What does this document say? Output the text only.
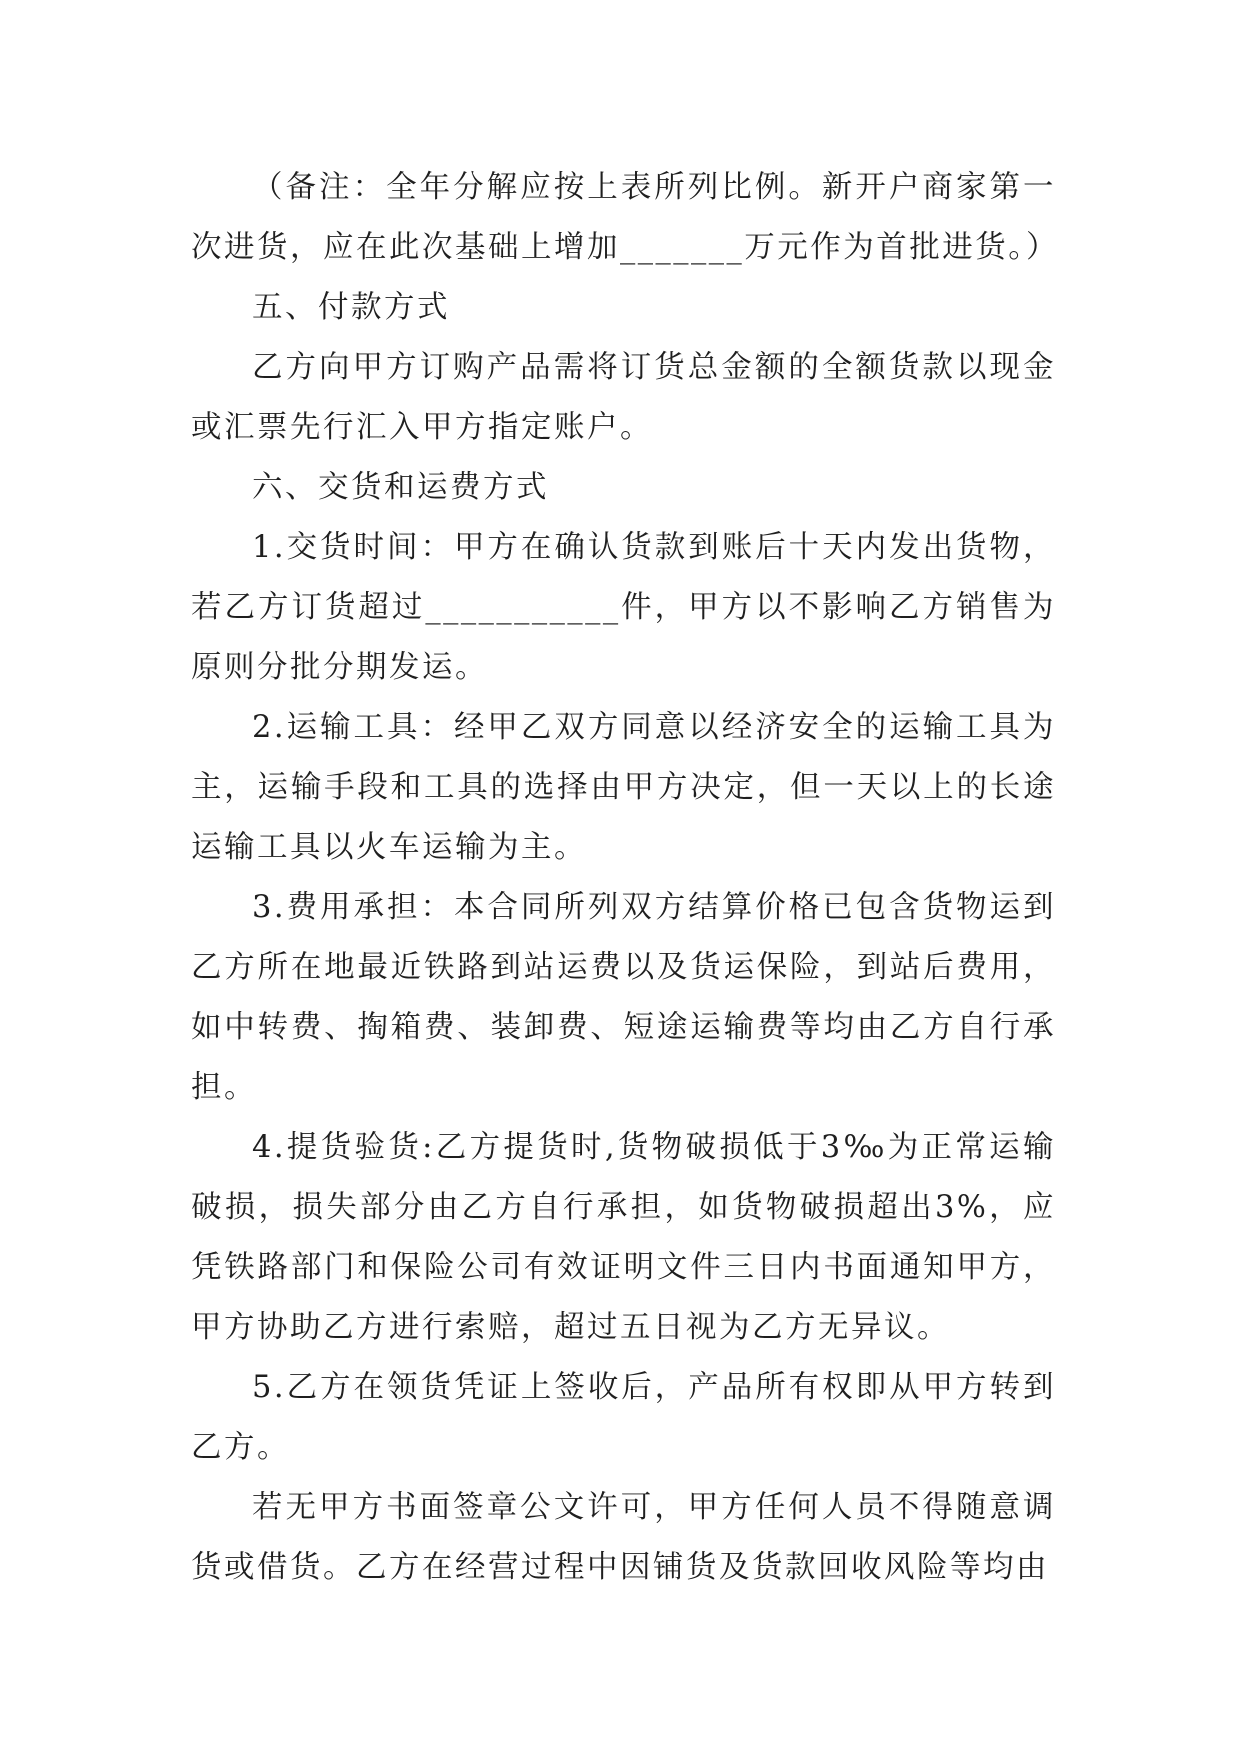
（备注：全年分解应按上表所列比例。新开户商家第一次进货，应在此次基础上增加_______万元作为首批进货。）

五、付款方式

乙方向甲方订购产品需将订货总金额的全额货款以现金或汇票先行汇入甲方指定账户。

六、交货和运费方式

1.交货时间：甲方在确认货款到账后十天内发出货物，若乙方订货超过___________件，甲方以不影响乙方销售为原则分批分期发运。

2.运输工具：经甲乙双方同意以经济安全的运输工具为主，运输手段和工具的选择由甲方决定，但一天以上的长途运输工具以火车运输为主。

3.费用承担：本合同所列双方结算价格已包含货物运到乙方所在地最近铁路到站运费以及货运保险，到站后费用，如中转费、掏箱费、装卸费、短途运输费等均由乙方自行承担。

4.提货验货:乙方提货时,货物破损低于3‰为正常运输破损，损失部分由乙方自行承担，如货物破损超出3%，应凭铁路部门和保险公司有效证明文件三日内书面通知甲方，甲方协助乙方进行索赔，超过五日视为乙方无异议。

5.乙方在领货凭证上签收后，产品所有权即从甲方转到乙方。

若无甲方书面签章公文许可，甲方任何人员不得随意调货或借货。乙方在经营过程中因铺货及货款回收风险等均由
